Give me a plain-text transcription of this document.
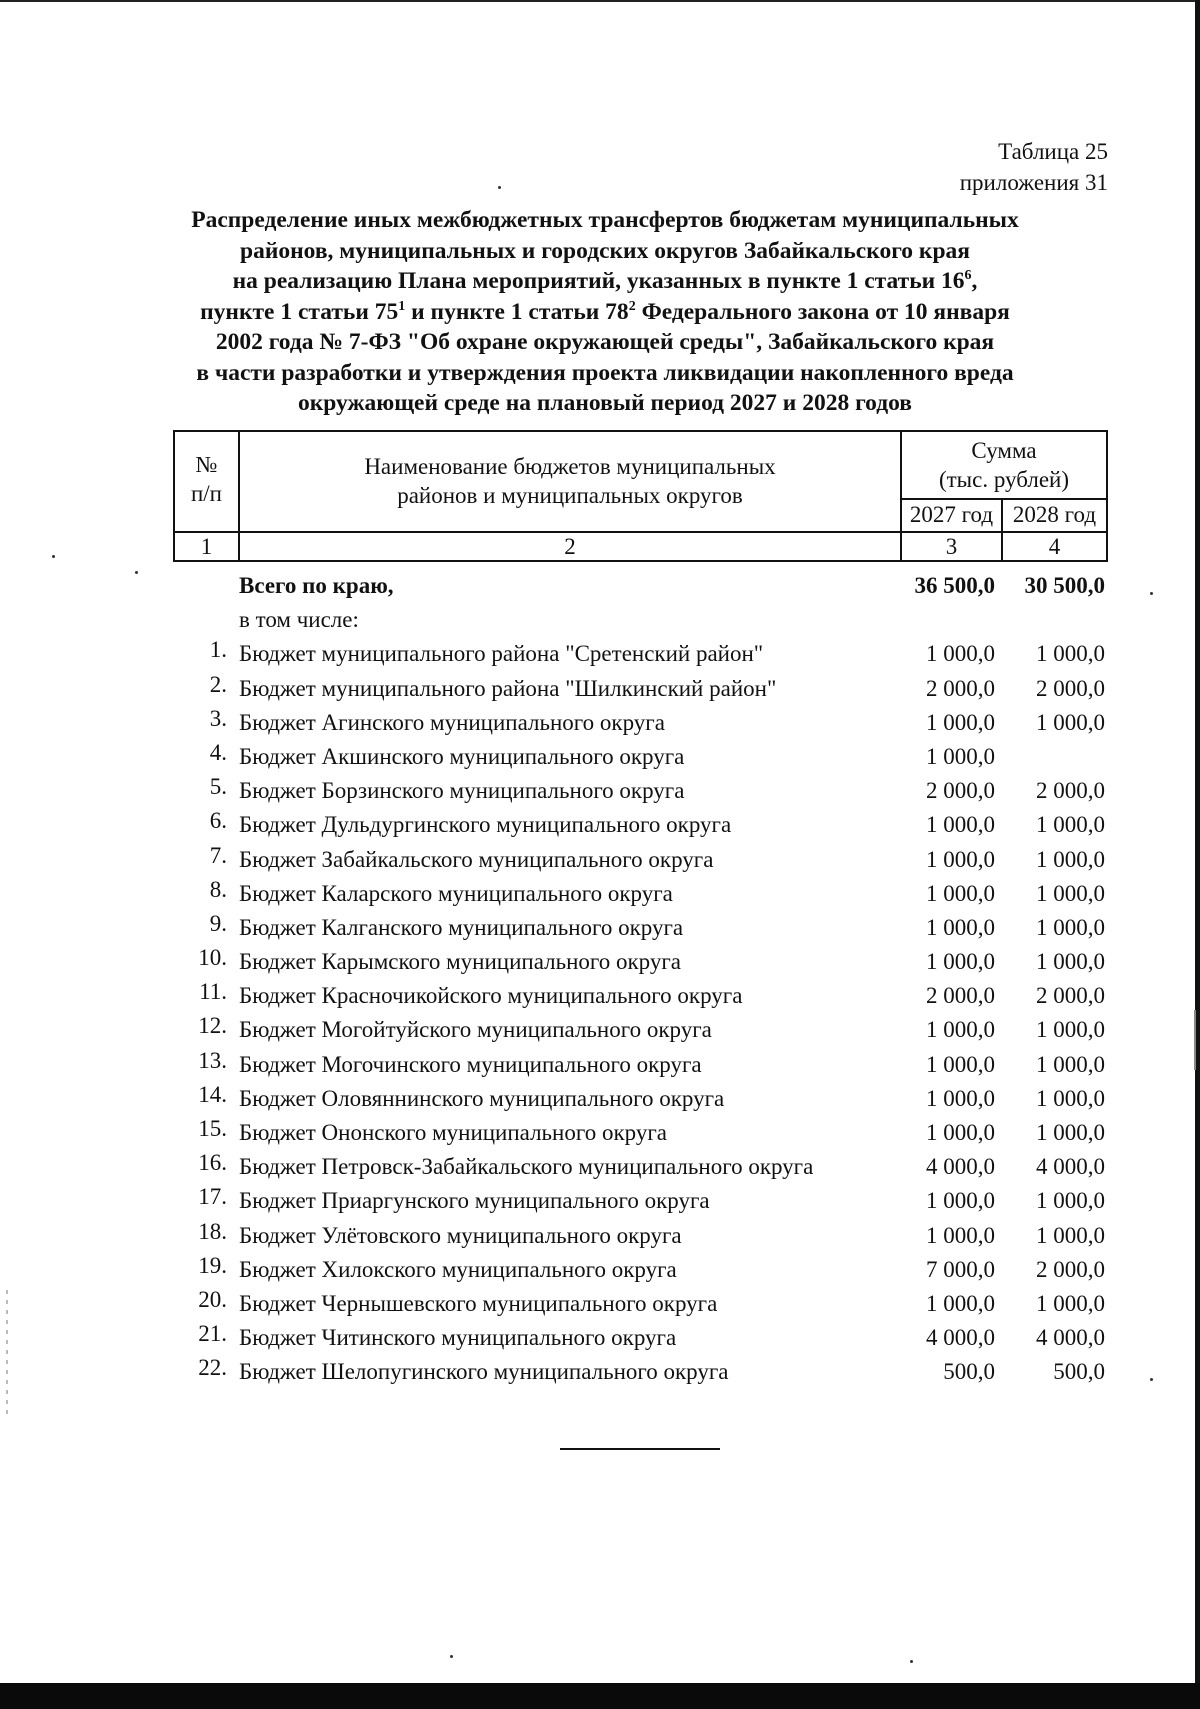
Таблица 25
приложения 31
Распределение иных межбюджетных трансфертов бюджетам муниципальных
районов, муниципальных и городских округов Забайкальского края
на реализацию Плана мероприятий, указанных в пункте 1 статьи $16^6$,
пункте 1 статьи $75^1$ и пункте 1 статьи $78^2$ Федерального закона от 10 января
2002 года № 7-ФЗ "Об охране окружающей среды", Забайкальского края
в части разработки и утверждения проекта ликвидации накопленного вреда
окружающей среде на плановый период 2027 и 2028 годов
№
п/п
Наименование бюджетов муниципальных
районов и муниципальных округов
Сумма
(тыс. рублей)
2027 год 2028 год
1	2	3	4
Всего по краю,	36 500,0	30 500,0
в том числе:
1. Бюджет муниципального района "Сретенский район"	1 000,0	1 000,0
2. Бюджет муниципального района "Шилкинский район"	2 000,0	2 000,0
3. Бюджет Агинского муниципального округа	1 000,0	1 000,0
4. Бюджет Акшинского муниципального округа	1 000,0
5. Бюджет Борзинского муниципального округа	2 000,0	2 000,0
6. Бюджет Дульдургинского муниципального округа	1 000,0	1 000,0
7. Бюджет Забайкальского муниципального округа	1 000,0	1 000,0
8. Бюджет Каларского муниципального округа	1 000,0	1 000,0
9. Бюджет Калганского муниципального округа	1 000,0	1 000,0
10. Бюджет Карымского муниципального округа	1 000,0	1 000,0
11. Бюджет Красночикойского муниципального округа	2 000,0	2 000,0
12. Бюджет Могойтуйского муниципального округа	1 000,0	1 000,0
13. Бюджет Могочинского муниципального округа	1 000,0	1 000,0
14. Бюджет Оловяннинского муниципального округа	1 000,0	1 000,0
15. Бюджет Ононского муниципального округа	1 000,0	1 000,0
16. Бюджет Петровск-Забайкальского муниципального округа	4 000,0	4 000,0
17. Бюджет Приаргунского муниципального округа	1 000,0	1 000,0
18. Бюджет Улётовского муниципального округа	1 000,0	1 000,0
19. Бюджет Хилокского муниципального округа	7 000,0	2 000,0
20. Бюджет Чернышевского муниципального округа	1 000,0	1 000,0
21. Бюджет Читинского муниципального округа	4 000,0	4 000,0
22. Бюджет Шелопугинского муниципального округа	500,0	500,0
